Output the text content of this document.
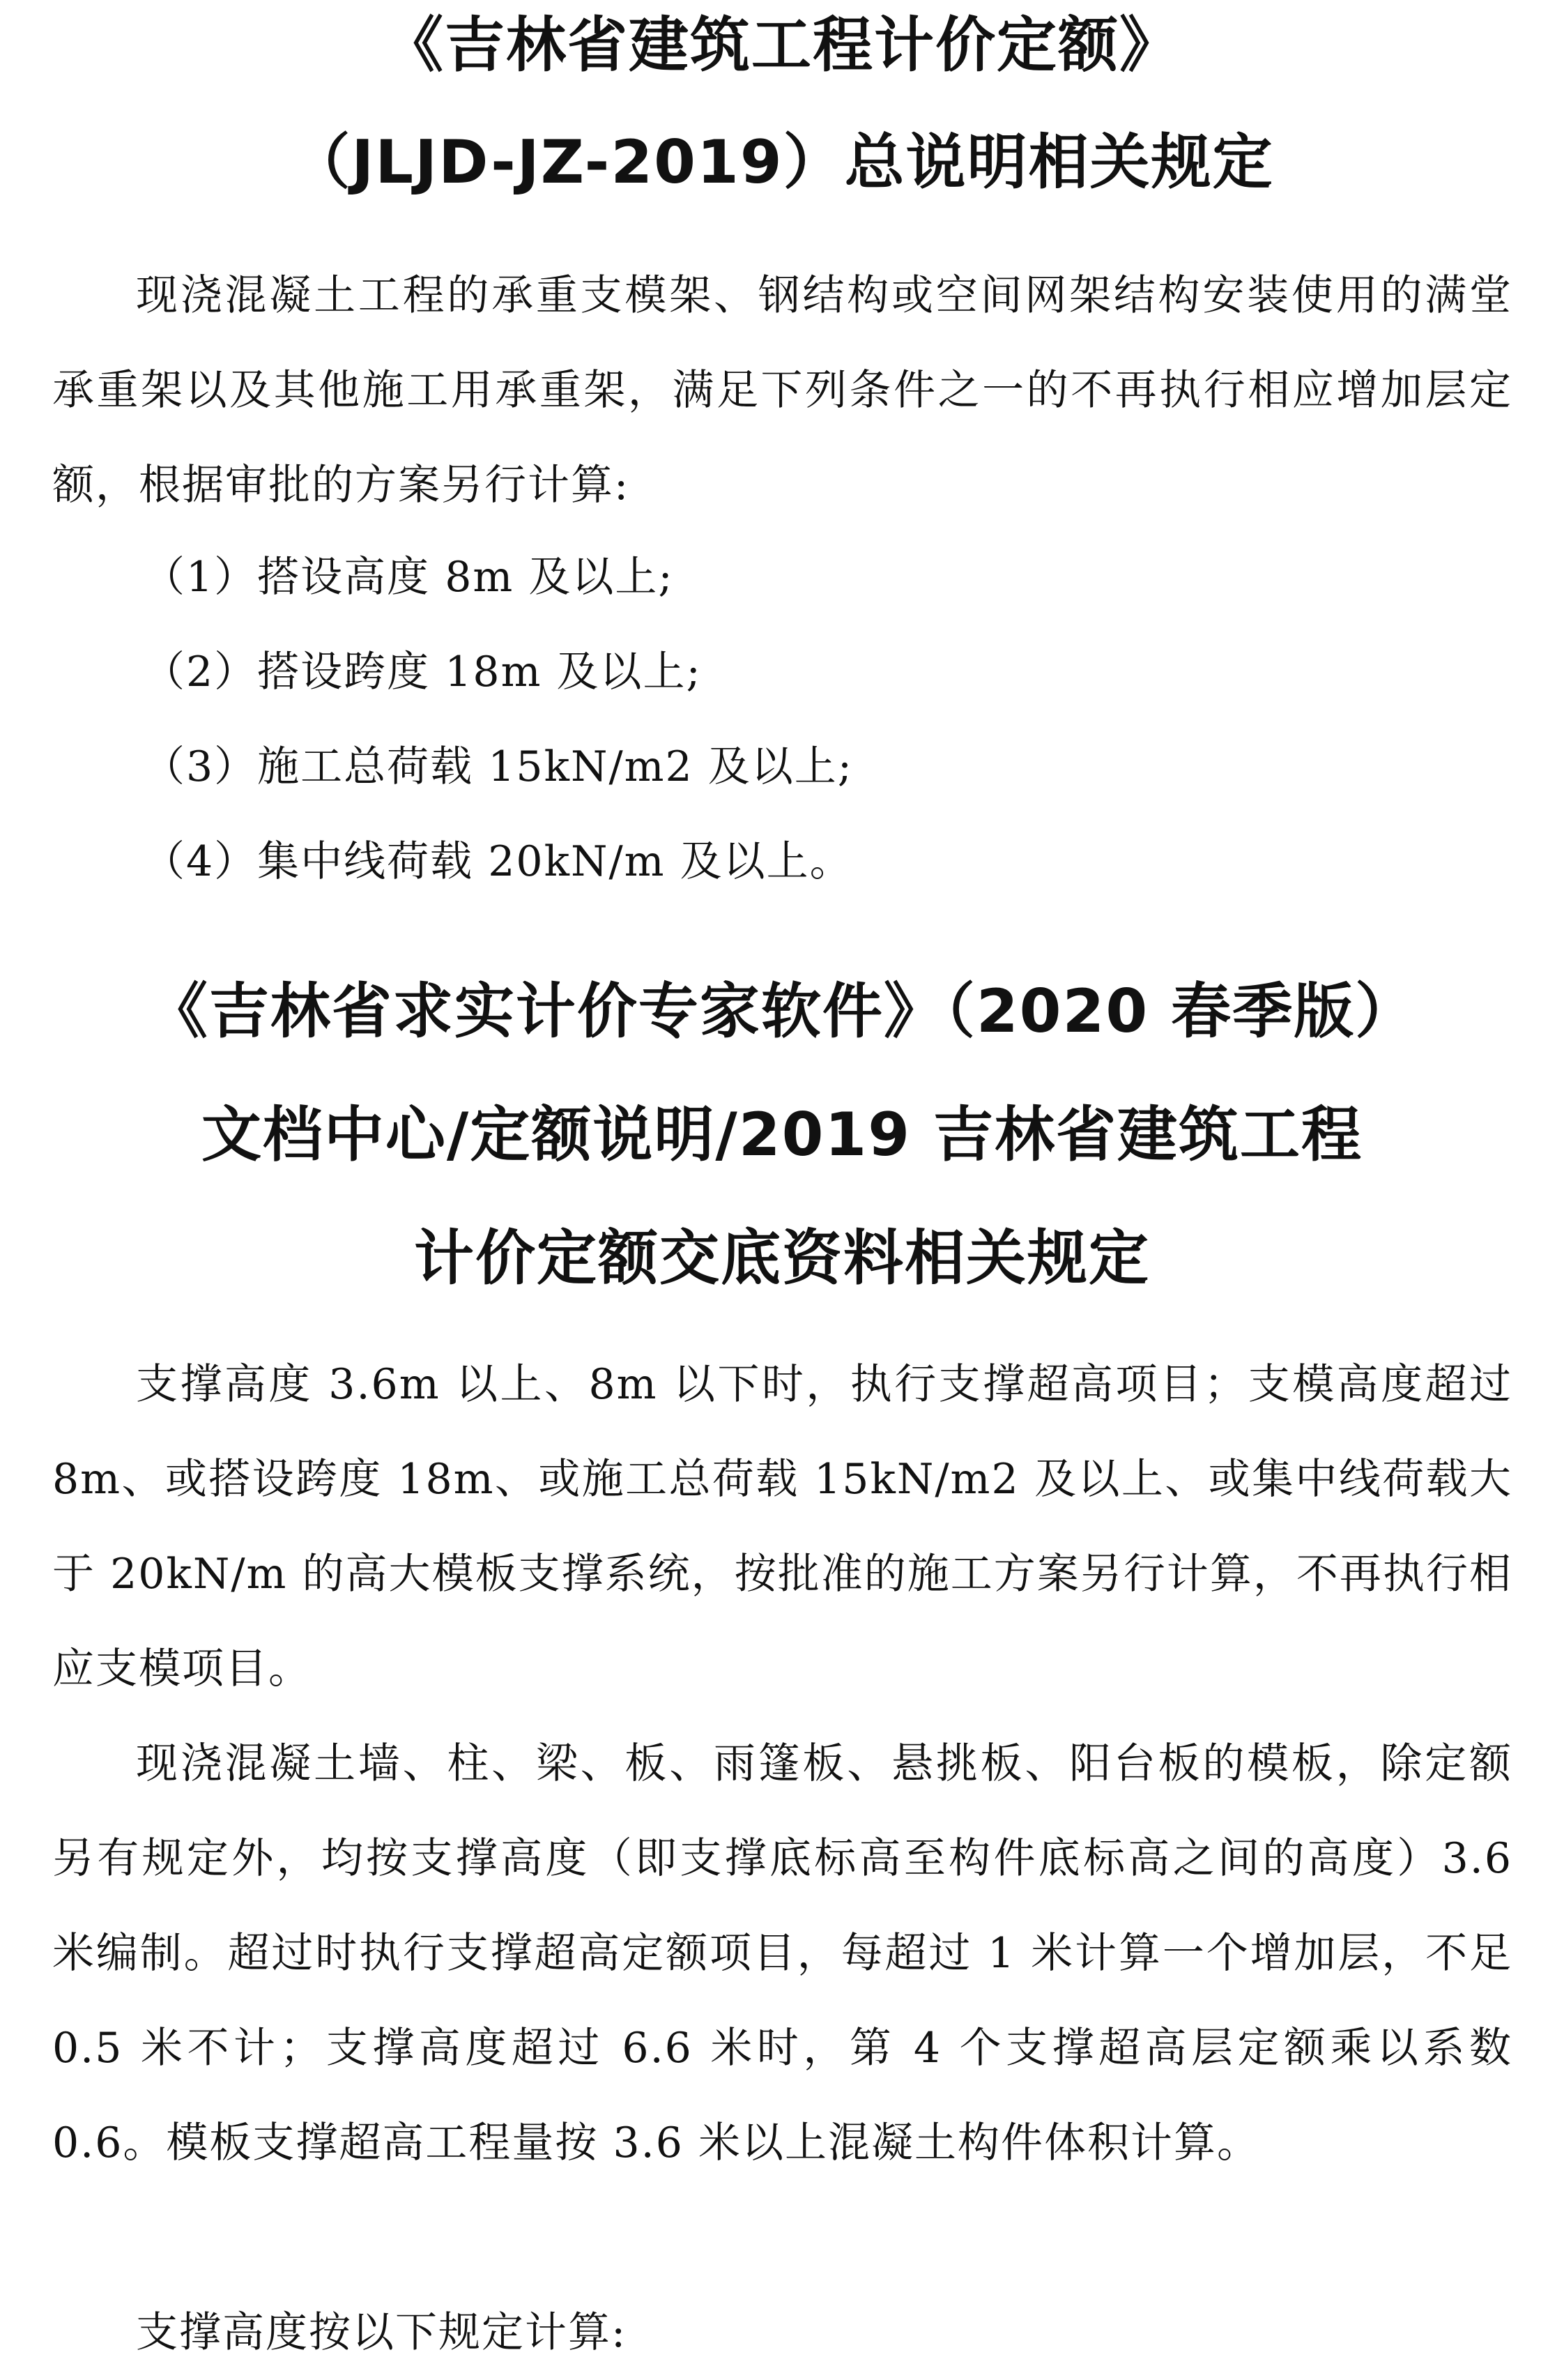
《吉林省建筑工程计价定额》
（JLJD-JZ-2019）总说明相关规定

现浇混凝土工程的承重支模架、钢结构或空间网架结构安装使用的满堂承重架以及其他施工用承重架，满足下列条件之一的不再执行相应增加层定额，根据审批的方案另行计算:

（1）搭设高度 8m 及以上;

（2）搭设跨度 18m 及以上;

（3）施工总荷载 15kN/m2 及以上;

（4）集中线荷载 20kN/m 及以上。

《吉林省求实计价专家软件》（2020 春季版）
文档中心/定额说明/2019 吉林省建筑工程
计价定额交底资料相关规定

支撑高度 3.6m 以上、8m 以下时，执行支撑超高项目；支模高度超过 8m、或搭设跨度 18m、或施工总荷载 15kN/m2 及以上、或集中线荷载大于 20kN/m 的高大模板支撑系统，按批准的施工方案另行计算，不再执行相应支模项目。

现浇混凝土墙、柱、梁、板、雨篷板、悬挑板、阳台板的模板，除定额另有规定外，均按支撑高度（即支撑底标高至构件底标高之间的高度）3.6 米编制。超过时执行支撑超高定额项目，每超过 1 米计算一个增加层，不足 0.5 米不计；支撑高度超过 6.6 米时，第 4 个支撑超高层定额乘以系数 0.6。模板支撑超高工程量按 3.6 米以上混凝土构件体积计算。

支撑高度按以下规定计算:
